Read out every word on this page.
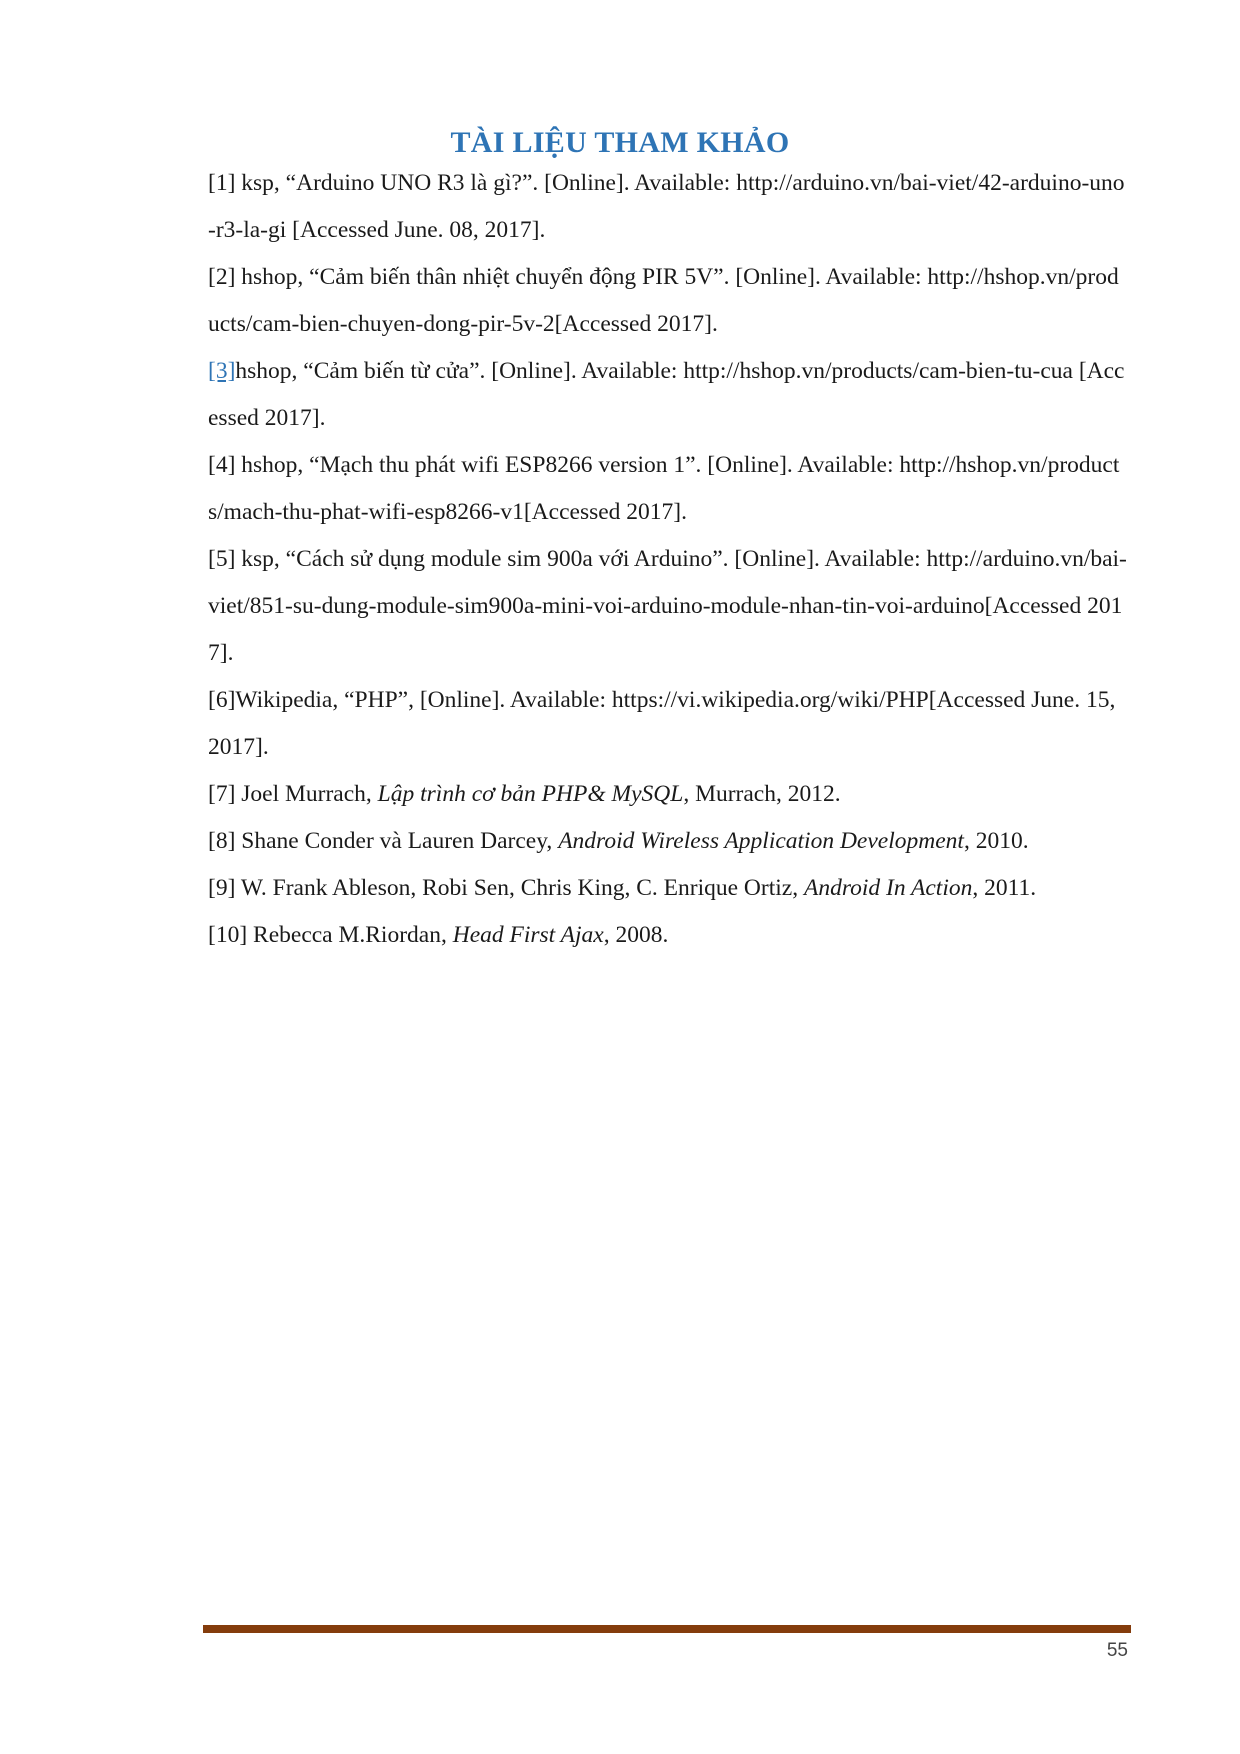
TÀI LIỆU THAM KHẢO

[1] ksp, “Arduino UNO R3 là gì?”. [Online]. Available: http://arduino.vn/bai-viet/42-arduino-uno-r3-la-gi [Accessed June. 08, 2017].

[2] hshop, “Cảm biến thân nhiệt chuyển động PIR 5V”. [Online]. Available: http://hshop.vn/products/cam-bien-chuyen-dong-pir-5v-2[Accessed 2017].

[3]hshop, “Cảm biến từ cửa”. [Online]. Available: http://hshop.vn/products/cam-bien-tu-cua [Accessed 2017].

[4] hshop, “Mạch thu phát wifi ESP8266 version 1”. [Online]. Available: http://hshop.vn/products/mach-thu-phat-wifi-esp8266-v1[Accessed 2017].

[5] ksp, “Cách sử dụng module sim 900a với Arduino”. [Online]. Available: http://arduino.vn/bai-viet/851-su-dung-module-sim900a-mini-voi-arduino-module-nhan-tin-voi-arduino[Accessed 2017].

[6]Wikipedia, “PHP”, [Online]. Available: https://vi.wikipedia.org/wiki/PHP[Accessed June. 15, 2017].

[7] Joel Murrach, Lập trình cơ bản PHP& MySQL, Murrach, 2012.

[8] Shane Conder và Lauren Darcey, Android Wireless Application Development, 2010.

[9] W. Frank Ableson, Robi Sen, Chris King, C. Enrique Ortiz, Android In Action, 2011.

[10] Rebecca M.Riordan, Head First Ajax, 2008.

55
